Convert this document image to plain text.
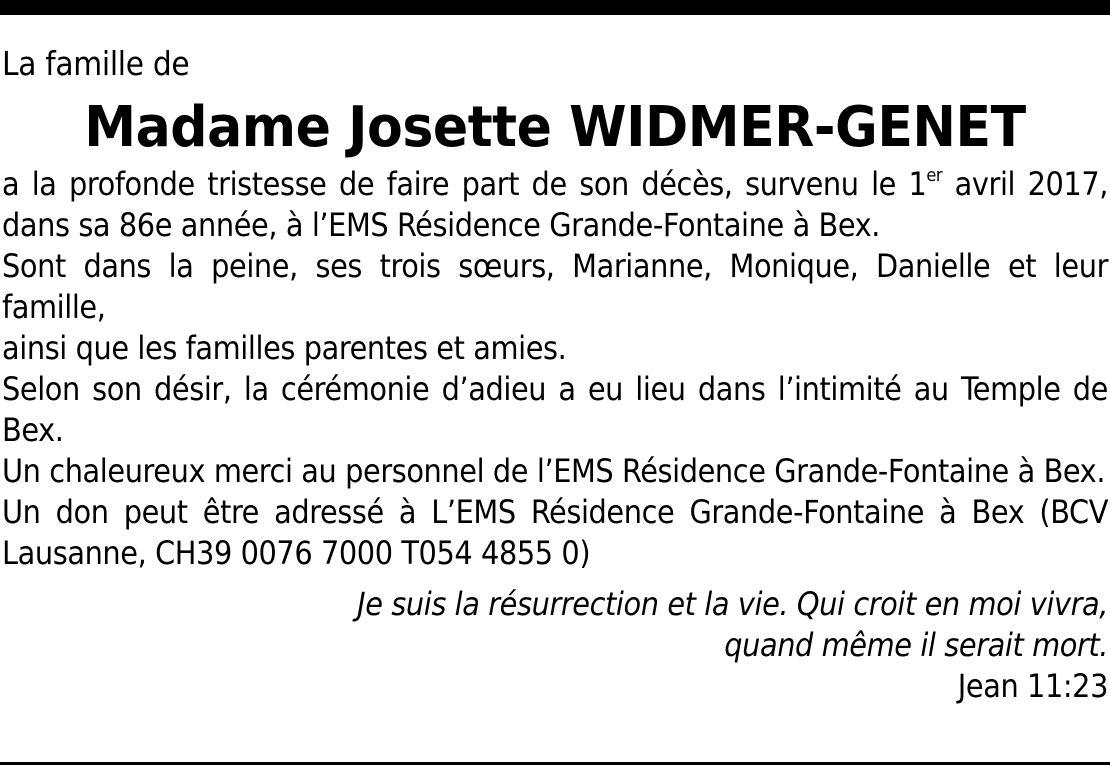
La famille de
Madame Josette WIDMER-GENET

a la profonde tristesse de faire part de son décès, survenu le 1er avril 2017,

dans sa 86e année, à l’EMS Résidence Grande-Fontaine à Bex.

Sont dans la peine, ses trois sœurs, Marianne, Monique, Danielle et leur famille,

ainsi que les familles parentes et amies.

Selon son désir, la cérémonie d’adieu a eu lieu dans l’intimité au Temple de Bex.

Un chaleureux merci au personnel de l’EMS Résidence Grande-Fontaine à Bex.

Un don peut être adressé à L’EMS Résidence Grande-Fontaine à Bex (BCV Lausanne, CH39 0076 7000 T054 4855 0)

Je suis la résurrection et la vie. Qui croit en moi vivra,
quand même il serait mort.
Jean 11:23
